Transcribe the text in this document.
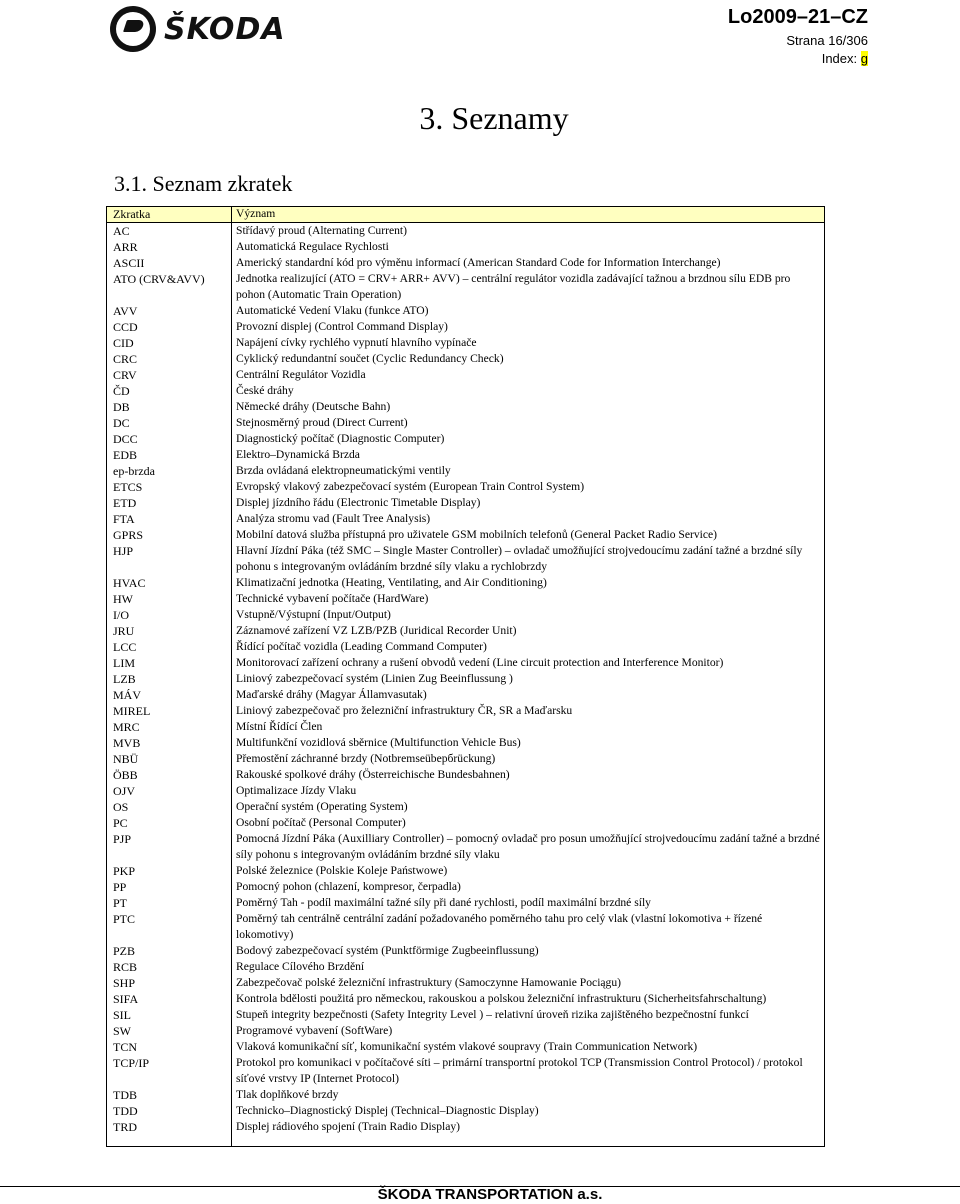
ŠKODA	Lo2009–21–CZ
Strana 16/306
Index: g
3. Seznamy
3.1. Seznam zkratek
Zkratka	Význam
AC	Střídavý proud (Alternating Current)
ARR	Automatická Regulace Rychlosti
ASCII	Americký standardní kód pro výměnu informací (American Standard Code for Information Interchange)
ATO (CRV&AVV)	Jednotka realizující (ATO = CRV+ ARR+ AVV) – centrální regulátor vozidla zadávající tažnou a brzdnou sílu EDB pro pohon (Automatic Train Operation)
AVV	Automatické Vedení Vlaku (funkce ATO)
CCD	Provozní displej (Control Command Display)
CID	Napájení cívky rychlého vypnutí hlavního vypínače
CRC	Cyklický redundantní součet (Cyclic Redundancy Check)
CRV	Centrální Regulátor Vozidla
ČD	České dráhy
DB	Německé dráhy (Deutsche Bahn)
DC	Stejnosměrný proud (Direct Current)
DCC	Diagnostický počítač (Diagnostic Computer)
EDB	Elektro–Dynamická Brzda
ep-brzda	Brzda ovládaná elektropneumatickými ventily
ETCS	Evropský vlakový zabezpečovací systém (European Train Control System)
ETD	Displej jízdního řádu (Electronic Timetable Display)
FTA	Analýza stromu vad (Fault Tree Analysis)
GPRS	Mobilní datová služba přístupná pro uživatele GSM mobilních telefonů (General Packet Radio Service)
HJP	Hlavní Jízdní Páka (též SMC – Single Master Controller) – ovladač umožňující strojvedoucímu zadání tažné a brzdné síly pohonu s integrovaným ovládáním brzdné síly vlaku a rychlobrzdy
HVAC	Klimatizační jednotka (Heating, Ventilating, and Air Conditioning)
HW	Technické vybavení počítače (HardWare)
I/O	Vstupně/Výstupní (Input/Output)
JRU	Záznamové zařízení VZ LZB/PZB (Juridical Recorder Unit)
LCC	Řídící počítač vozidla (Leading Command Computer)
LIM	Monitorovací zařízení ochrany a rušení obvodů vedení (Line circuit protection and Interference Monitor)
LZB	Liniový zabezpečovací systém (Linien Zug Beeinflussung )
MÁV	Maďarské dráhy (Magyar Államvasutak)
MIREL	Liniový zabezpečovač pro železniční infrastruktury ČR, SR a Maďarsku
MRC	Místní Řídící Člen
MVB	Multifunkční vozidlová sběrnice (Multifunction Vehicle Bus)
NBÜ	Přemostění záchranné brzdy (Notbremseübербrückung)
ÖBB	Rakouské spolkové dráhy (Österreichische Bundesbahnen)
OJV	Optimalizace Jízdy Vlaku
OS	Operační systém (Operating System)
PC	Osobní počítač (Personal Computer)
PJP	Pomocná Jízdní Páka (Auxilliary Controller) – pomocný ovladač pro posun umožňující strojvedoucímu zadání tažné a brzdné síly pohonu s integrovaným ovládáním brzdné síly vlaku
PKP	Polské železnice (Polskie Koleje Państwowe)
PP	Pomocný pohon (chlazení, kompresor, čerpadla)
PT	Poměrný Tah - podíl maximální tažné síly při dané rychlosti, podíl maximální brzdné síly
PTC	Poměrný tah centrálně centrální zadání požadovaného poměrného tahu pro celý vlak (vlastní lokomotiva + řízené lokomotivy)
PZB	Bodový zabezpečovací systém (Punktförmige Zugbeeinflussung)
RCB	Regulace Cílového Brzdění
SHP	Zabezpečovač polské železniční infrastruktury (Samoczynne Hamowanie Pociągu)
SIFA	Kontrola bdělosti použitá pro německou, rakouskou a polskou železniční infrastrukturu (Sicherheitsfahrschaltung)
SIL	Stupeň integrity bezpečnosti (Safety Integrity Level ) – relativní úroveň rizika zajištěného bezpečnostní funkcí
SW	Programové vybavení (SoftWare)
TCN	Vlaková komunikační síť, komunikační systém vlakové soupravy (Train Communication Network)
TCP/IP	Protokol pro komunikaci v počítačové síti – primární transportní protokol TCP (Transmission Control Protocol) / protokol síťové vrstvy IP (Internet Protocol)
TDB	Tlak doplňkové brzdy
TDD	Technicko–Diagnostický Displej (Technical–Diagnostic Display)
TRD	Displej rádiového spojení (Train Radio Display)
ŠKODA TRANSPORTATION a.s.
